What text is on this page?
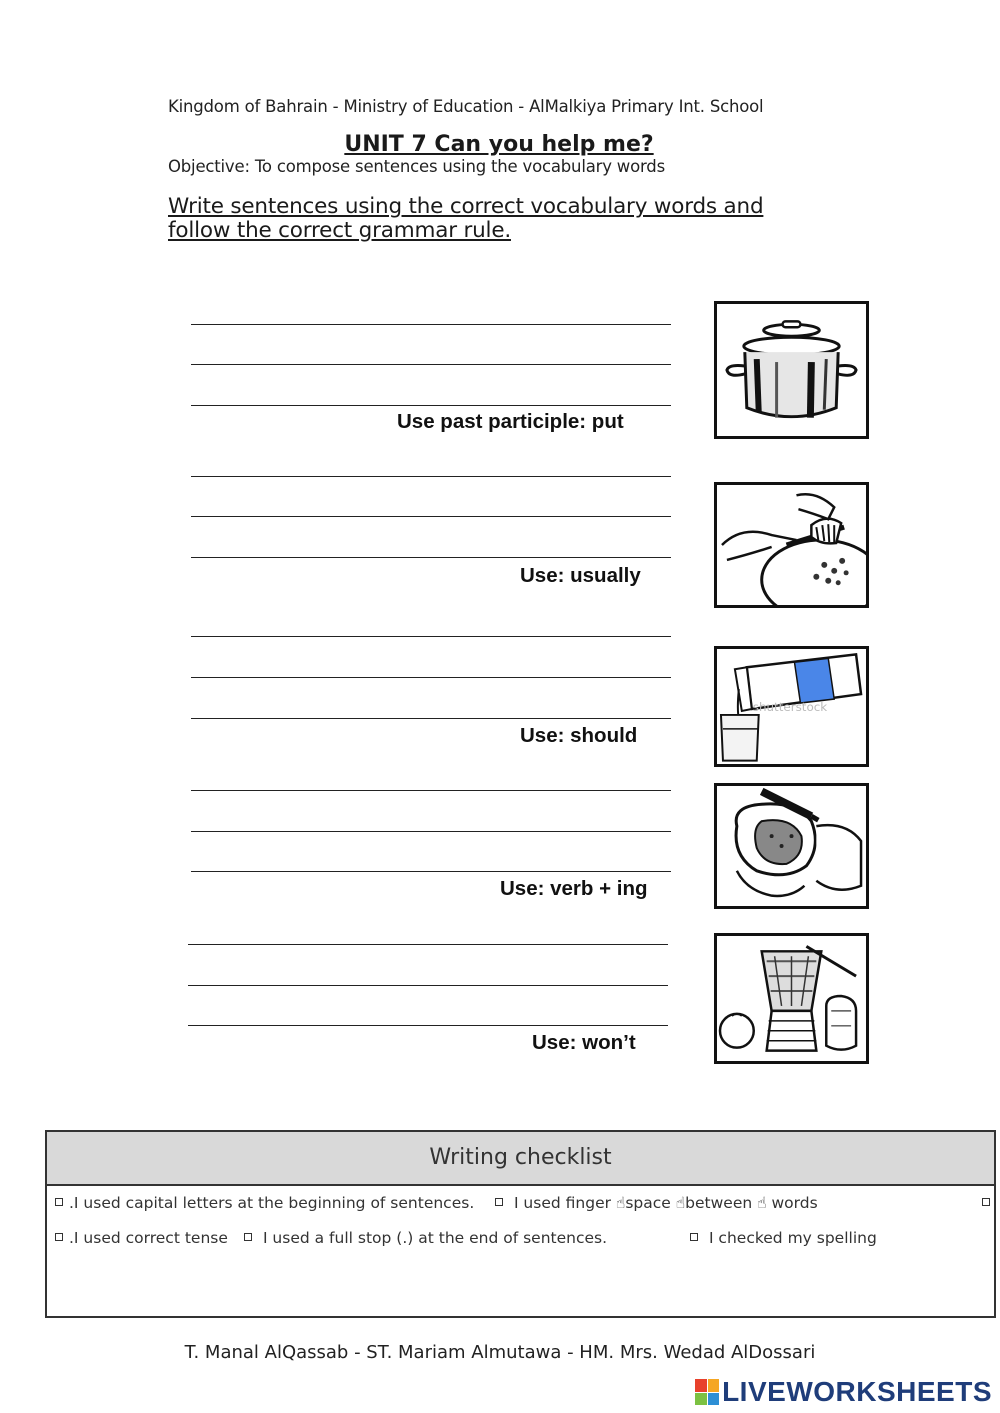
Kingdom of Bahrain - Ministry of Education - AlMalkiya Primary Int. School
UNIT 7 Can you help me?
Objective: To compose sentences using the vocabulary words
Write sentences using the correct vocabulary words and follow the correct grammar rule.
Use past participle: put
Use: usually
Use: should
shutterstock
Use: verb + ing
Use: won’t
Writing checklist
.I used capital letters at the beginning of sentences.	I used finger ☝space ☝between ☝ words
.I used correct tense	I used a full stop (.) at the end of sentences.	I checked my spelling
T. Manal AlQassab - ST. Mariam Almutawa - HM. Mrs. Wedad AlDossari
LIVEWORKSHEETS
